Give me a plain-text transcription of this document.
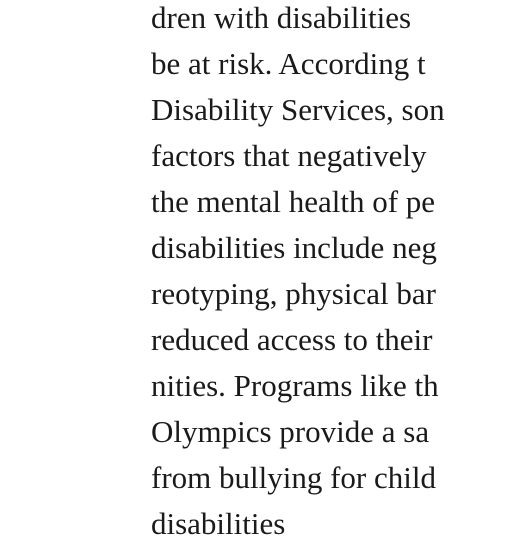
dren with disabilities

be at risk. According t

Disability Services, son

factors that negatively

the mental health of pe

disabilities include neg

reotyping, physical bar

reduced access to their

nities. Programs like th

Olympics provide a sa

from bullying for child

disabilities
